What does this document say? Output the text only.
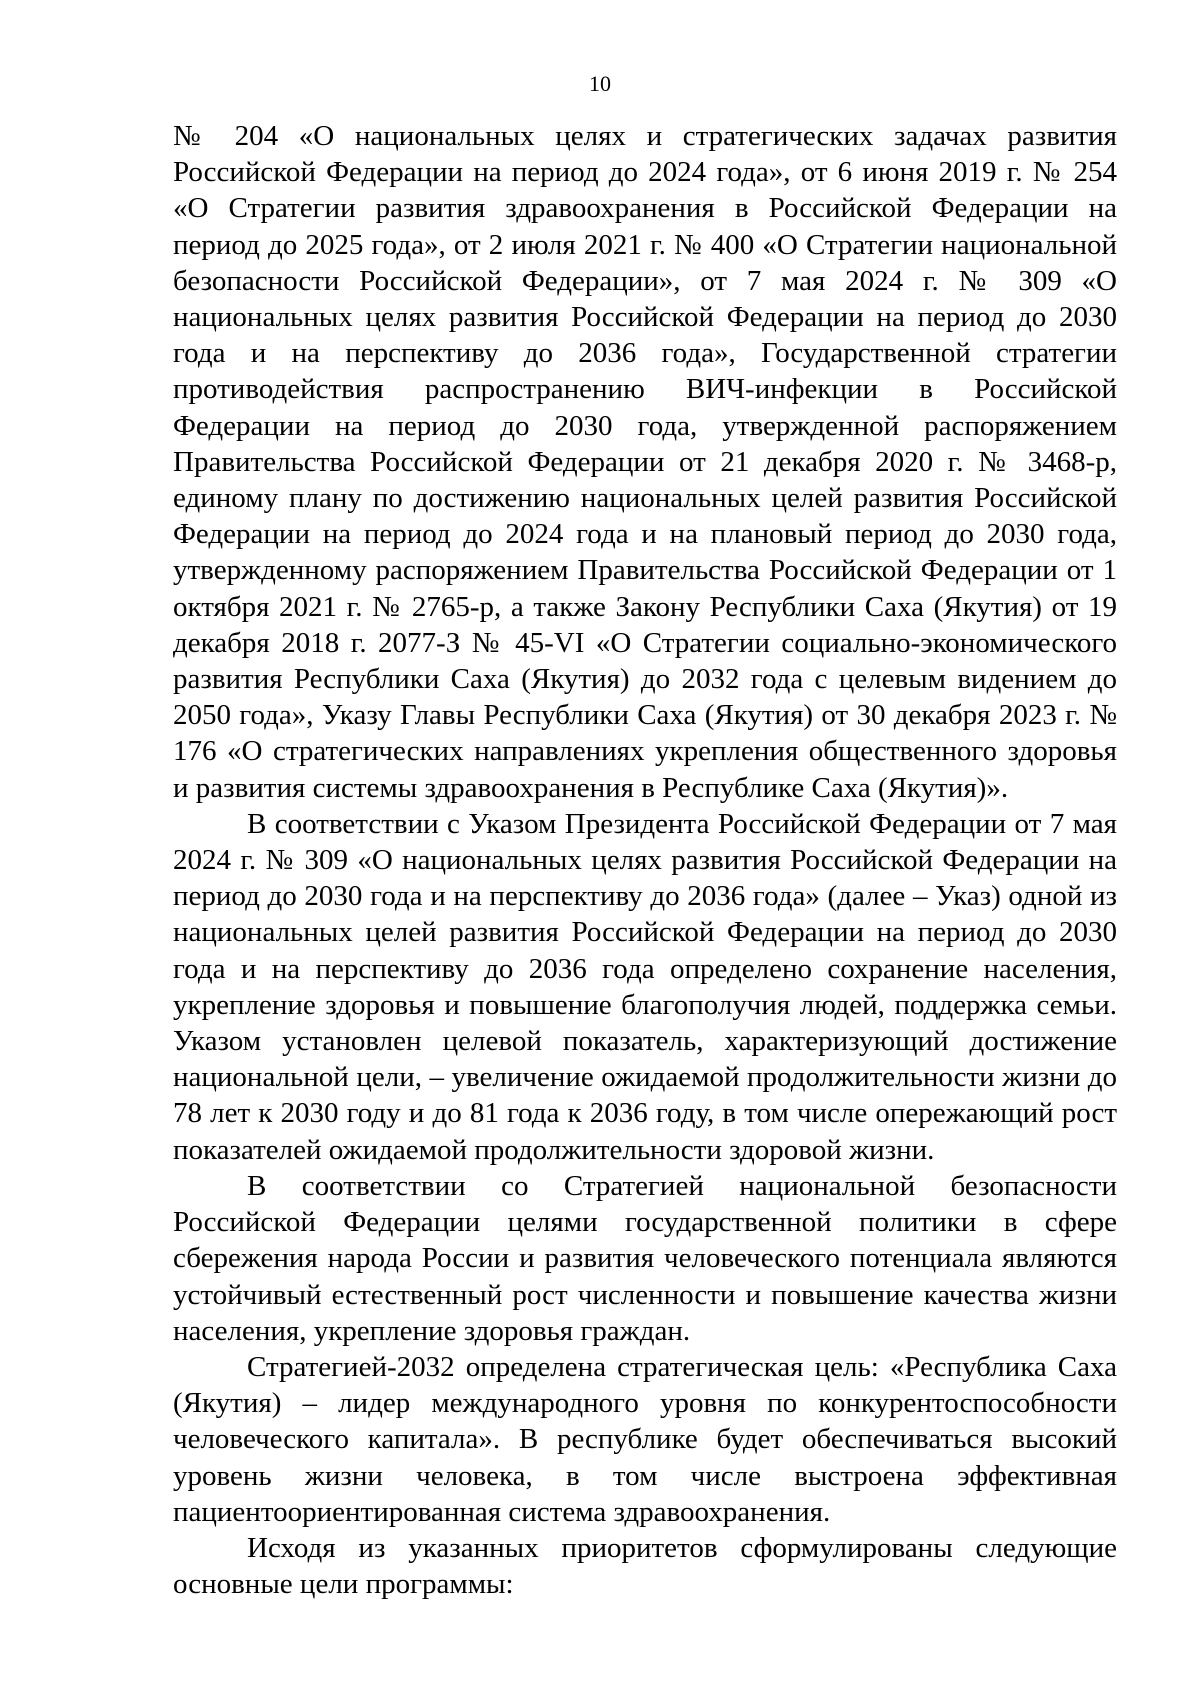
10

№ 204 «О национальных целях и стратегических задачах развития Российской Федерации на период до 2024 года», от 6 июня 2019 г. № 254 «О Стратегии развития здравоохранения в Российской Федерации на период до 2025 года», от 2 июля 2021 г. № 400 «О Стратегии национальной безопасности Российской Федерации», от 7 мая 2024 г. № 309 «О национальных целях развития Российской Федерации на период до 2030 года и на перспективу до 2036 года», Государственной стратегии противодействия распространению ВИЧ-инфекции в Российской Федерации на период до 2030 года, утвержденной распоряжением Правительства Российской Федерации от 21 декабря 2020 г. № 3468-р, единому плану по достижению национальных целей развития Российской Федерации на период до 2024 года и на плановый период до 2030 года, утвержденному распоряжением Правительства Российской Федерации от 1 октября 2021 г. № 2765-р, а также Закону Республики Саха (Якутия) от 19 декабря 2018 г. 2077-З № 45-VI «О Стратегии социально-экономического развития Республики Саха (Якутия) до 2032 года с целевым видением до 2050 года», Указу Главы Республики Саха (Якутия) от 30 декабря 2023 г. № 176 «О стратегических направлениях укрепления общественного здоровья и развития системы здравоохранения в Республике Саха (Якутия)».

В соответствии с Указом Президента Российской Федерации от 7 мая 2024 г. № 309 «О национальных целях развития Российской Федерации на период до 2030 года и на перспективу до 2036 года» (далее – Указ) одной из национальных целей развития Российской Федерации на период до 2030 года и на перспективу до 2036 года определено сохранение населения, укрепление здоровья и повышение благополучия людей, поддержка семьи. Указом установлен целевой показатель, характеризующий достижение национальной цели, – увеличение ожидаемой продолжительности жизни до 78 лет к 2030 году и до 81 года к 2036 году, в том числе опережающий рост показателей ожидаемой продолжительности здоровой жизни.

В соответствии со Стратегией национальной безопасности Российской Федерации целями государственной политики в сфере сбережения народа России и развития человеческого потенциала являются устойчивый естественный рост численности и повышение качества жизни населения, укрепление здоровья граждан.

Стратегией-2032 определена стратегическая цель: «Республика Саха (Якутия) – лидер международного уровня по конкурентоспособности человеческого капитала». В республике будет обеспечиваться высокий уровень жизни человека, в том числе выстроена эффективная пациентоориентированная система здравоохранения.

Исходя из указанных приоритетов сформулированы следующие основные цели программы:
